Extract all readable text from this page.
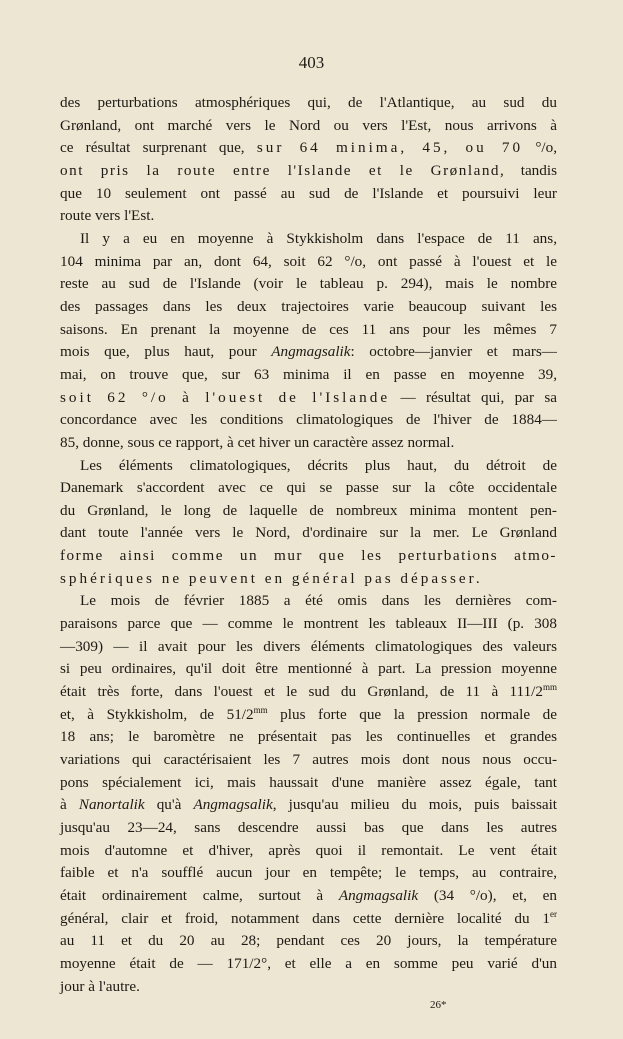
403
des perturbations atmosphériques qui, de l'Atlantique, au sud du
Grønland, ont marché vers le Nord ou vers l'Est, nous arrivons à
ce résultat surprenant que, sur 64 minima, 45, ou 70 °/o,
ont pris la route entre l'Islande et le Grønland, tandis
que 10 seulement ont passé au sud de l'Islande et poursuivi leur
route vers l'Est.
Il y a eu en moyenne à Stykkisholm dans l'espace de 11 ans,
104 minima par an, dont 64, soit 62 °/o, ont passé à l'ouest et le
reste au sud de l'Islande (voir le tableau p. 294), mais le nombre
des passages dans les deux trajectoires varie beaucoup suivant les
saisons. En prenant la moyenne de ces 11 ans pour les mêmes 7
mois que, plus haut, pour Angmagsalik: octobre—janvier et mars—
mai, on trouve que, sur 63 minima il en passe en moyenne 39,
soit 62 °/o à l'ouest de l'Islande — résultat qui, par sa
concordance avec les conditions climatologiques de l'hiver de 1884—
85, donne, sous ce rapport, à cet hiver un caractère assez normal.
Les éléments climatologiques, décrits plus haut, du détroit de
Danemark s'accordent avec ce qui se passe sur la côte occidentale
du Grønland, le long de laquelle de nombreux minima montent pen-
dant toute l'année vers le Nord, d'ordinaire sur la mer. Le Grønland
forme ainsi comme un mur que les perturbations atmo-
sphériques ne peuvent en général pas dépasser.
Le mois de février 1885 a été omis dans les dernières com-
paraisons parce que — comme le montrent les tableaux II—III (p. 308
—309) — il avait pour les divers éléments climatologiques des valeurs
si peu ordinaires, qu'il doit être mentionné à part. La pression moyenne
était très forte, dans l'ouest et le sud du Grønland, de 11 à $111/2^{mm}$
et, à Stykkisholm, de $51/2^{mm}$ plus forte que la pression normale de
18 ans; le baromètre ne présentait pas les continuelles et grandes
variations qui caractérisaient les 7 autres mois dont nous nous occu-
pons spécialement ici, mais haussait d'une manière assez égale, tant
à Nanortalik qu'à Angmagsalik, jusqu'au milieu du mois, puis baissait
jusqu'au 23—24, sans descendre aussi bas que dans les autres
mois d'automne et d'hiver, après quoi il remontait. Le vent était
faible et n'a soufflé aucun jour en tempête; le temps, au contraire,
était ordinairement calme, surtout à Angmagsalik (34 °/o), et, en
général, clair et froid, notamment dans cette dernière localité du 1er
au 11 et du 20 au 28; pendant ces 20 jours, la température
moyenne était de — 171/2°, et elle a en somme peu varié d'un
jour à l'autre.
26*
